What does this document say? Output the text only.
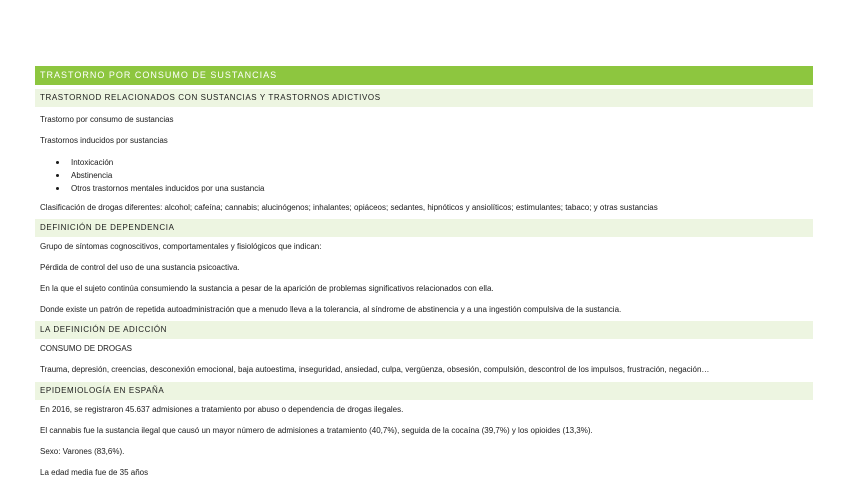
TRASTORNO POR CONSUMO DE SUSTANCIAS
TRASTORNOD RELACIONADOS CON SUSTANCIAS Y TRASTORNOS ADICTIVOS
Trastorno por consumo de sustancias
Trastornos inducidos por sustancias
Intoxicación
Abstinencia
Otros trastornos mentales inducidos por una sustancia
Clasificación de drogas diferentes: alcohol; cafeína; cannabis; alucinógenos; inhalantes; opiáceos; sedantes, hipnóticos y ansiolíticos; estimulantes; tabaco; y otras sustancias
DEFINICIÓN DE DEPENDENCIA
Grupo de síntomas cognoscitivos, comportamentales y fisiológicos que indican:
Pérdida de control del uso de una sustancia psicoactiva.
En la que el sujeto continúa consumiendo la sustancia a pesar de la aparición de problemas significativos relacionados con ella.
Donde existe un patrón de repetida autoadministración que a menudo lleva a la tolerancia, al síndrome de abstinencia y a una ingestión compulsiva de la sustancia.
LA DEFINICIÓN DE ADICCIÓN
CONSUMO DE DROGAS
Trauma, depresión, creencias, desconexión emocional, baja autoestima, inseguridad, ansiedad, culpa, vergüenza, obsesión, compulsión, descontrol de los impulsos, frustración, negación…
EPIDEMIOLOGÍA EN ESPAÑA
En 2016, se registraron 45.637 admisiones a tratamiento por abuso o dependencia de drogas ilegales.
El cannabis fue la sustancia ilegal que causó un mayor número de admisiones a tratamiento (40,7%), seguida de la cocaína (39,7%) y los opioides (13,3%).
Sexo: Varones (83,6%).
La edad media fue de 35 años
